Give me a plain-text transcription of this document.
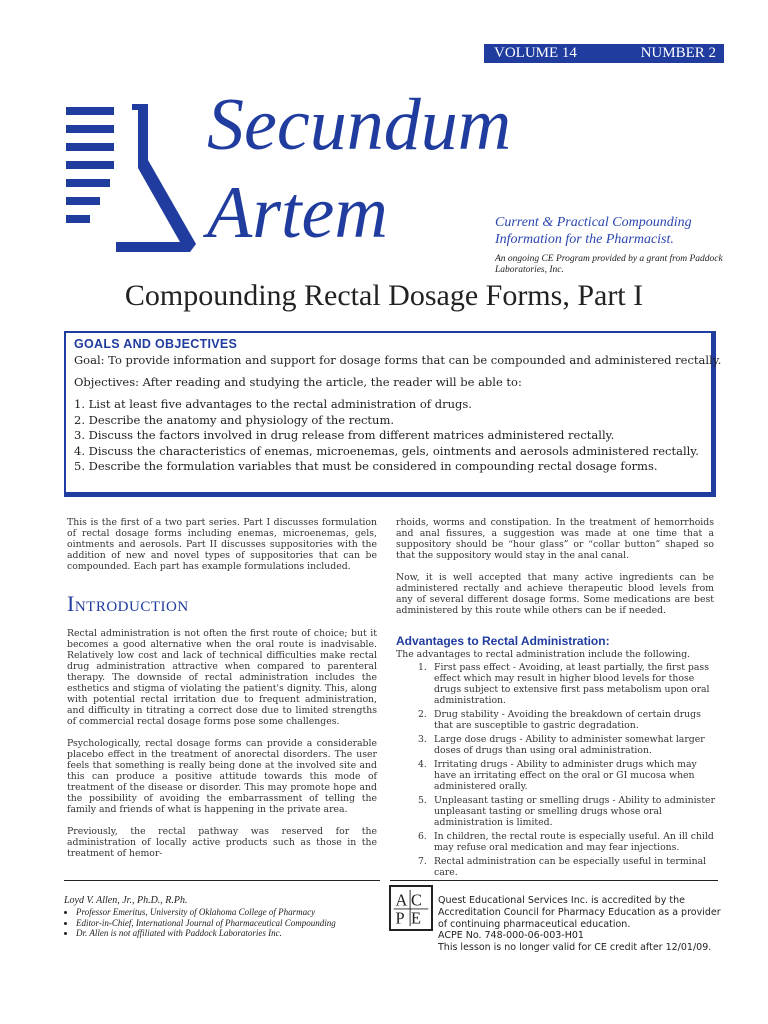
VOLUME 14	NUMBER 2
Secundum
Artem	Current & Practical Compounding Information for the Pharmacist.
An ongoing CE Program provided by a grant from Paddock Laboratories, Inc.
Compounding Rectal Dosage Forms, Part I
GOALS AND OBJECTIVES

Goal: To provide information and support for dosage forms that can be compounded and administered rectally.

Objectives: After reading and studying the article, the reader will be able to:

1. List at least five advantages to the rectal administration of drugs.
2. Describe the anatomy and physiology of the rectum.
3. Discuss the factors involved in drug release from different matrices administered rectally.
4. Discuss the characteristics of enemas, microenemas, gels, ointments and aerosols administered rectally.
5. Describe the formulation variables that must be considered in compounding rectal dosage forms.

This is the first of a two part series. Part I discusses formulation of rectal dosage forms including enemas, microenemas, gels, ointments and aerosols. Part II discusses suppositories with the addition of new and novel types of suppositories that can be compounded. Each part has example formulations included.

INTRODUCTION

Rectal administration is not often the first route of choice; but it becomes a good alternative when the oral route is inadvisable. Relatively low cost and lack of technical difficulties make rectal drug administration attractive when compared to parenteral therapy. The downside of rectal administration includes the esthetics and stigma of violating the patient's dignity. This, along with potential rectal irritation due to frequent administration, and difficulty in titrating a correct dose due to limited strengths of commercial rectal dosage forms pose some challenges.

Psychologically, rectal dosage forms can provide a considerable placebo effect in the treatment of anorectal disorders. The user feels that something is really being done at the involved site and this can produce a positive attitude towards this mode of treatment of the disease or disorder. This may promote hope and the possibility of avoiding the embarrassment of telling the family and friends of what is happening in the private area.

Previously, the rectal pathway was reserved for the administration of locally active products such as those in the treatment of hemor-

rhoids, worms and constipation. In the treatment of hemorrhoids and anal fissures, a suggestion was made at one time that a suppository should be “hour glass” or “collar button” shaped so that the suppository would stay in the anal canal.

Now, it is well accepted that many active ingredients can be administered rectally and achieve therapeutic blood levels from any of several different dosage forms. Some medications are best administered by this route while others can be if needed.

Advantages to Rectal Administration:
The advantages to rectal administration include the following.
1. First pass effect - Avoiding, at least partially, the first pass effect which may result in higher blood levels for those drugs subject to extensive first pass metabolism upon oral administration.
2. Drug stability - Avoiding the breakdown of certain drugs that are susceptible to gastric degradation.
3. Large dose drugs - Ability to administer somewhat larger doses of drugs than using oral administration.
4. Irritating drugs - Ability to administer drugs which may have an irritating effect on the oral or GI mucosa when administered orally.
5. Unpleasant tasting or smelling drugs - Ability to administer unpleasant tasting or smelling drugs whose oral administration is limited.
6. In children, the rectal route is especially useful. An ill child may refuse oral medication and may fear injections.
7. Rectal administration can be especially useful in terminal care.
Loyd V. Allen, Jr., Ph.D., R.Ph.
• Professor Emeritus, University of Oklahoma College of Pharmacy
• Editor-in-Chief, International Journal of Pharmaceutical Compounding
• Dr. Allen is not affiliated with Paddock Laboratories Inc.
A C
P E
Quest Educational Services Inc. is accredited by the Accreditation Council for Pharmacy Education as a provider of continuing pharmaceutical education.
ACPE No. 748-000-06-003-H01
This lesson is no longer valid for CE credit after 12/01/09.
